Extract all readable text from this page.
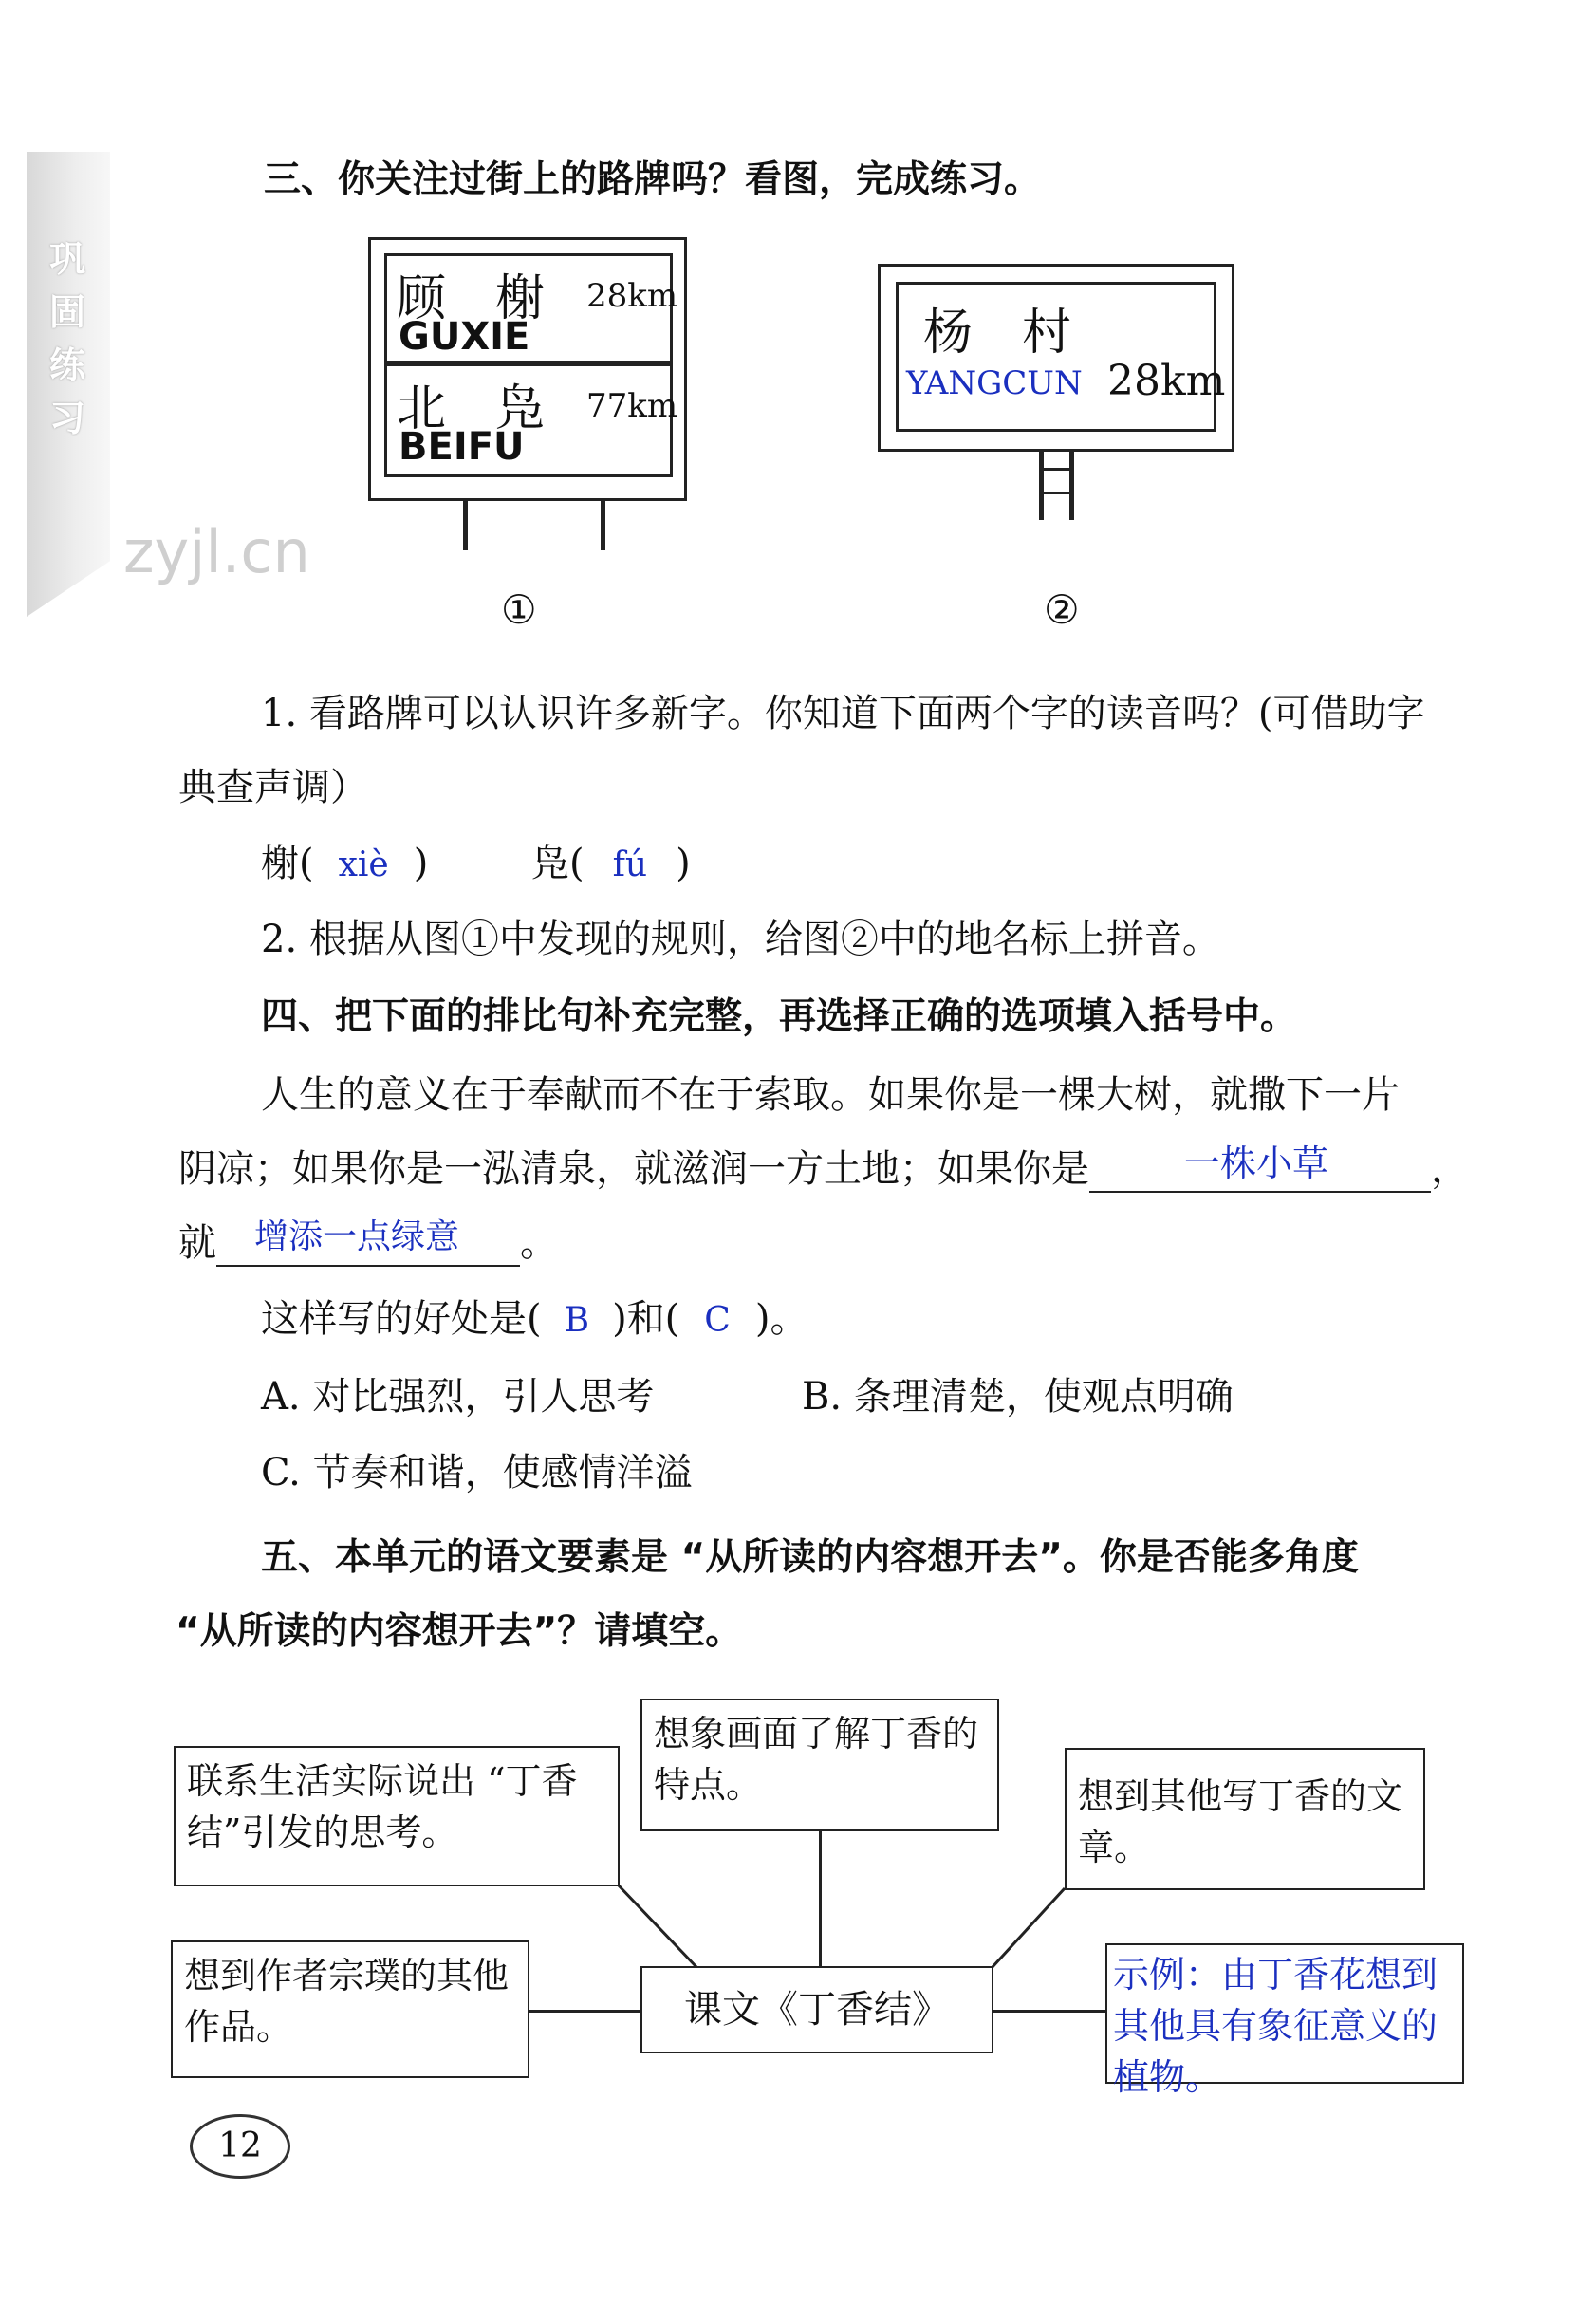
巩固练习
zyjl.cn
三、你关注过街上的路牌吗？看图，完成练习。
顾　榭 28km
GUXIE
北　凫 77km
BEIFU
①
杨　村
YANGCUN 28km
②
1. 看路牌可以认识许多新字。你知道下面两个字的读音吗？(可借助字
典查声调）
榭( xiè )	凫( fú )
2. 根据从图①中发现的规则，给图②中的地名标上拼音。
四、把下面的排比句补充完整，再选择正确的选项填入括号中。
人生的意义在于奉献而不在于索取。如果你是一棵大树，就撒下一片
阴凉；如果你是一泓清泉，就滋润一方土地；如果你是	一株小草	，
就 增添一点绿意 。
这样写的好处是( B )和( C )。
A. 对比强烈，引人思考	B. 条理清楚，使观点明确
C. 节奏和谐，使感情洋溢
五、本单元的语文要素是 “从所读的内容想开去”。你是否能多角度
“从所读的内容想开去”？请填空。
课文《丁香结》
想象画面了解丁香的特点。
联系生活实际说出 “丁香结”引发的思考。
想到其他写丁香的文章。
想到作者宗璞的其他作品。
示例：由丁香花想到其他具有象征意义的植物。
12
